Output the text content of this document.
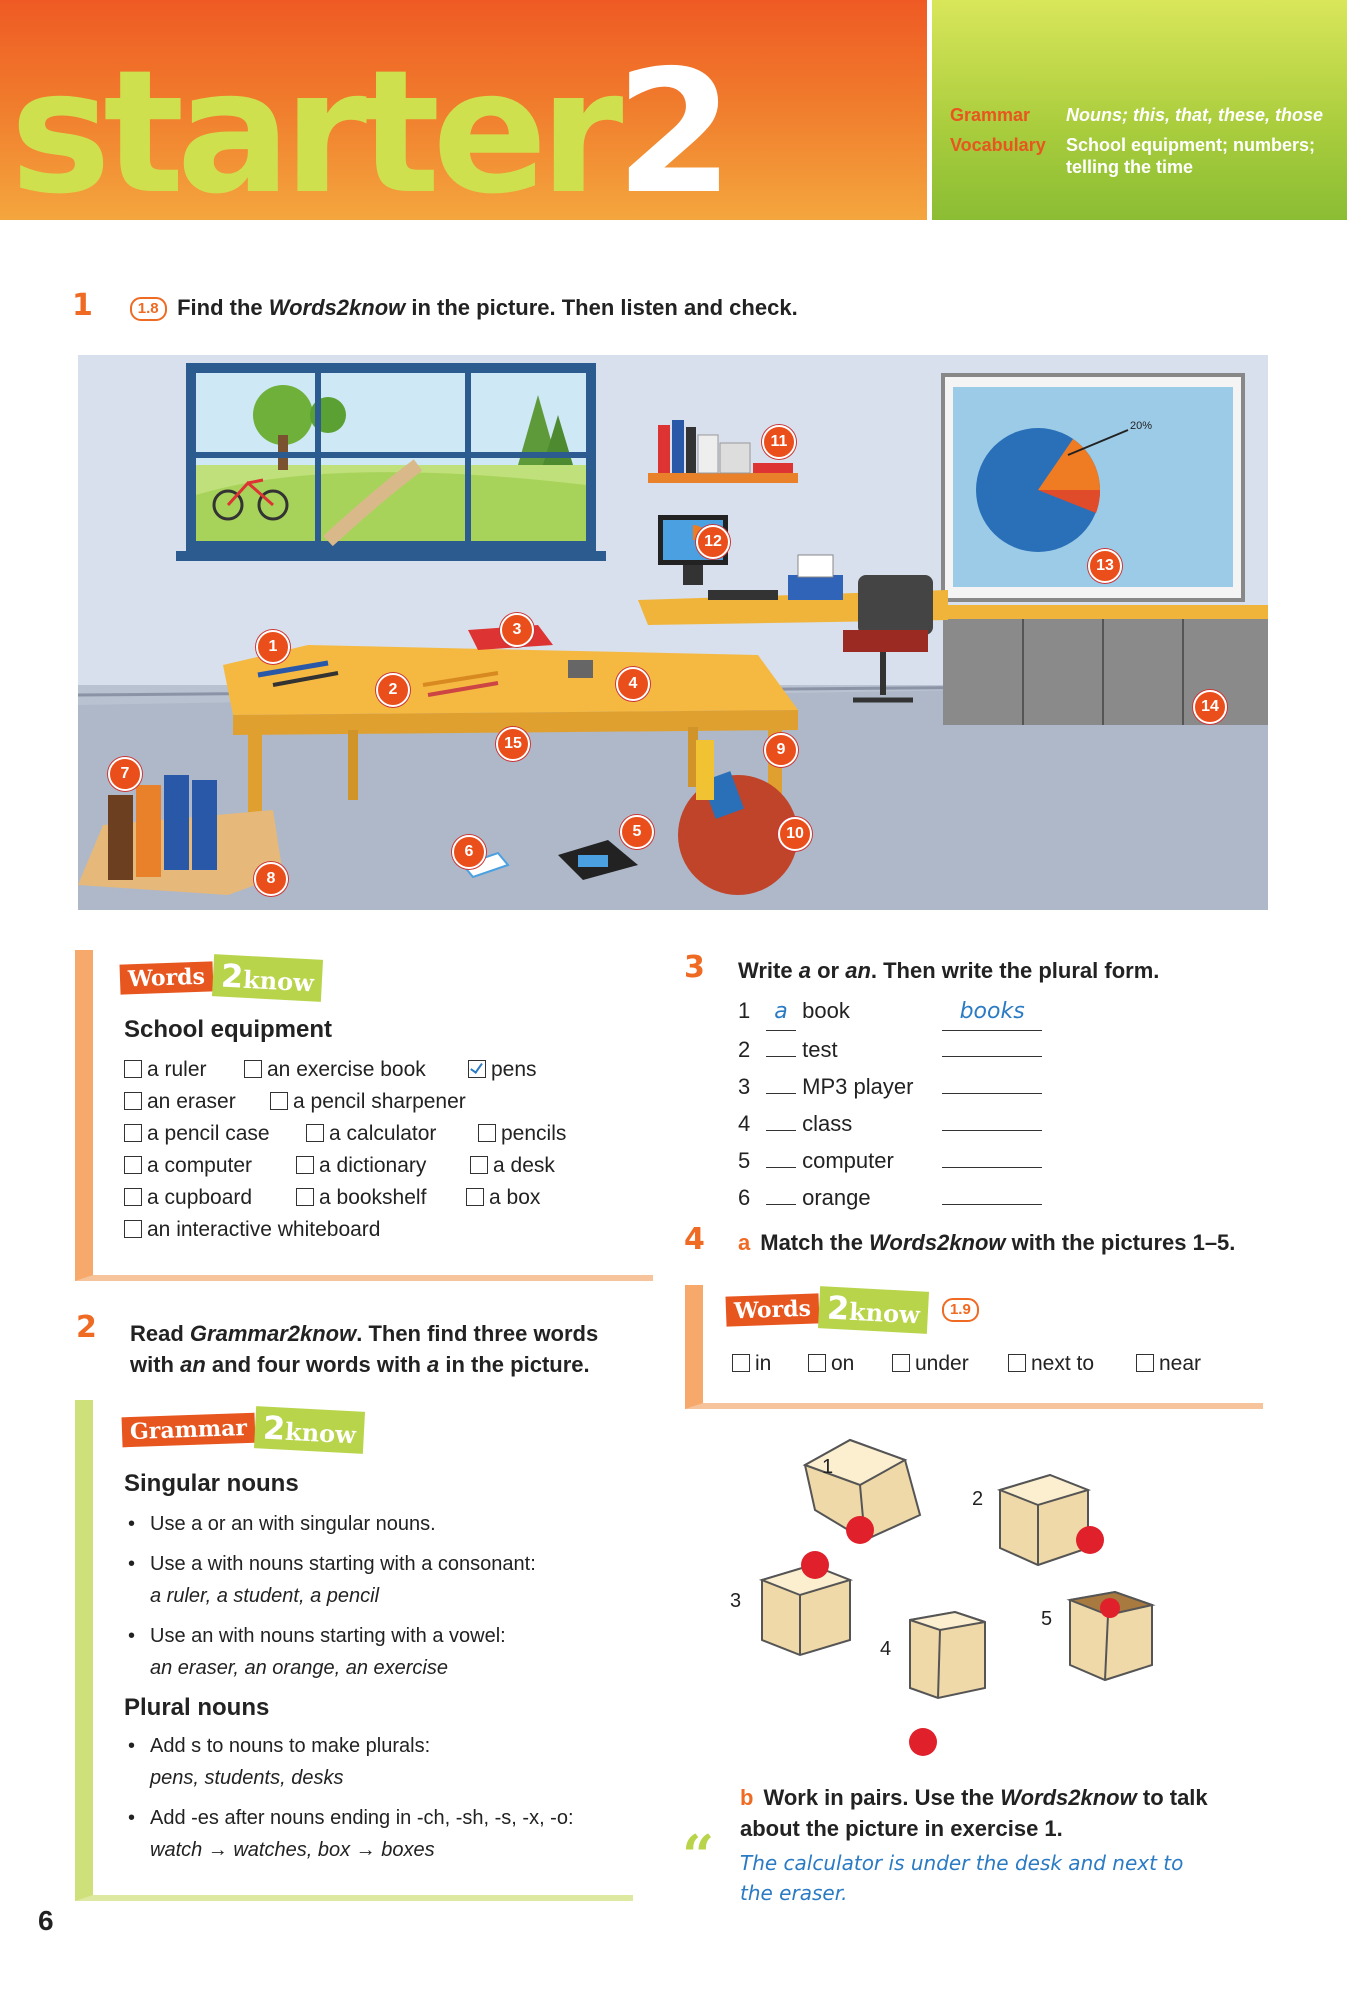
starter2	Grammar Nouns; this, that, these, those
Vocabulary School equipment; numbers; telling the time
1	1.8 Find the Words2know in the picture. Then listen and check.
20%
1
2
3
4
5
6
7
8
9
10
11
12
13
14
15
Words 2know
School equipment
a ruler	an exercise book	pens
an eraser	a pencil sharpener
a pencil case	a calculator	pencils
a computer	a dictionary	a desk
a cupboard	a bookshelf	a box
an interactive whiteboard
2 Read Grammar2know. Then find three words
with an and four words with a in the picture.
Grammar 2know
Singular nouns
• Use a or an with singular nouns.
• Use a with nouns starting with a consonant:
a ruler, a student, a pencil
• Use an with nouns starting with a vowel:
an eraser, an orange, an exercise
Plural nouns
• Add s to nouns to make plurals:
pens, students, desks
• Add -es after nouns ending in -ch, -sh, -s, -x, -o:
watch → watches, box → boxes
6
3 Write a or an. Then write the plural form.
1 a book	books
2 test
3 MP3 player
4 class
5 computer
6 orange
4 a Match the Words2know with the pictures 1–5.
Words 2know	1.9
in	on	under	next to	near
1
2
3
4
5
b Work in pairs. Use the Words2know to talk
about the picture in exercise 1.
“ The calculator is under the desk and next to
the eraser.
